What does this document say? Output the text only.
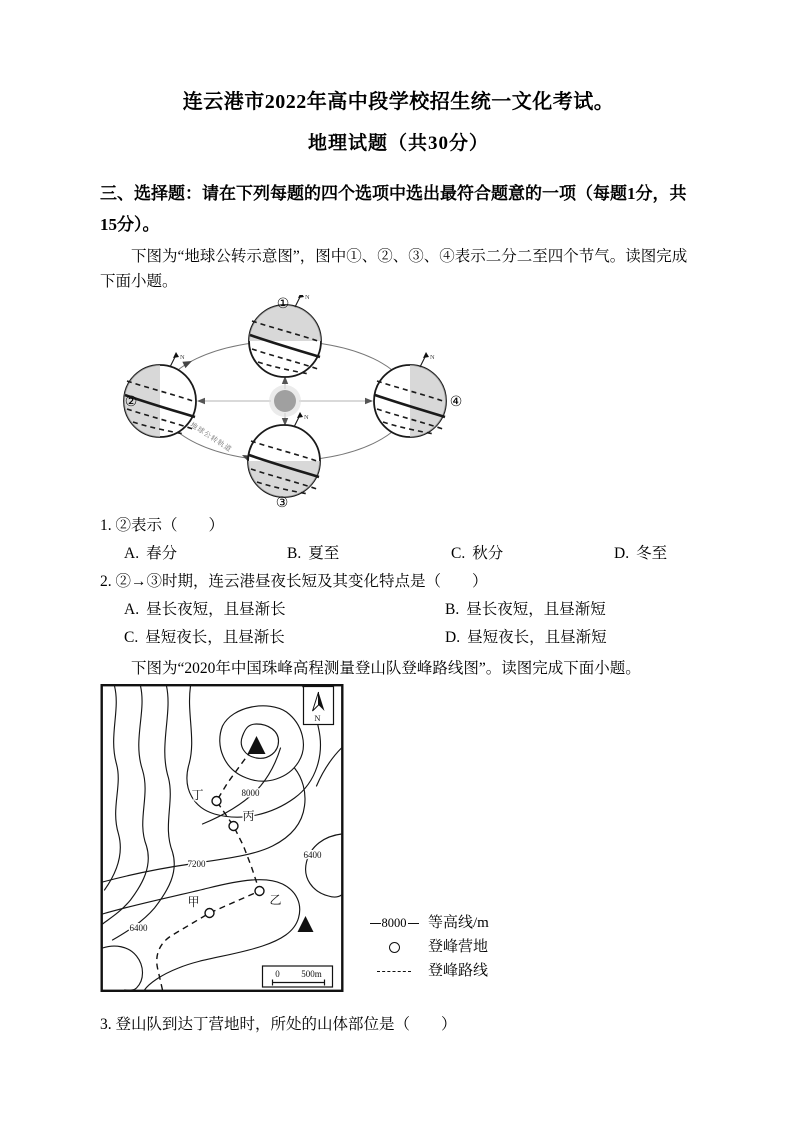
连云港市2022年高中段学校招生统一文化考试。

地理试题（共30分）

三、选择题：请在下列每题的四个选项中选出最符合题意的一项（每题1分，共15分）。

下图为“地球公转示意图”，图中①、②、③、④表示二分二至四个节气。读图完成下面小题。

地球公转轨道
N
N
N
N
①
②
③
④

1. ②表示（　　）

A. 春分	B. 夏至	C. 秋分	D. 冬至

2. ②→③时期，连云港昼夜长短及其变化特点是（　　）

A. 昼长夜短，且昼渐长	B. 昼长夜短，且昼渐短
C. 昼短夜长，且昼渐长	D. 昼短夜长，且昼渐短

下图为“2020年中国珠峰高程测量登山队登峰路线图”。读图完成下面小题。

丁
丙
乙
甲
8000
7200
6400
6400
N
0 500m
8000 等高线/m
登峰营地
登峰路线

3. 登山队到达丁营地时，所处的山体部位是（　　）
